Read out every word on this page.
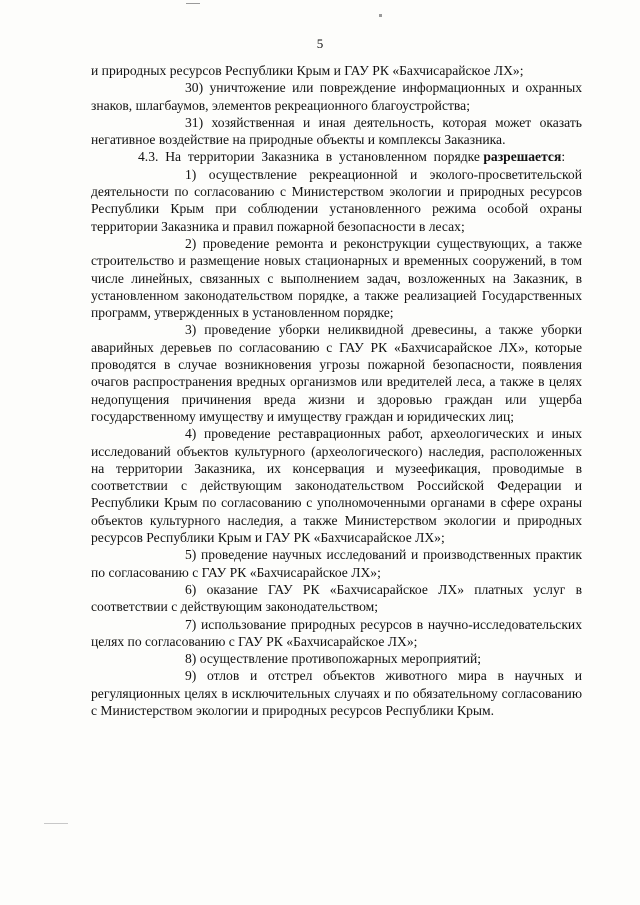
5

и природных ресурсов Республики Крым и ГАУ РК «Бахчисарайское ЛХ»;

30) уничтожение или повреждение информационных и охранных знаков, шлагбаумов, элементов рекреационного благоустройства;

31) хозяйственная и иная деятельность, которая может оказать негативное воздействие на природные объекты и комплексы Заказника.

4.3.  На  территории  Заказника  в  установленном  порядке разрешается:

1) осуществление рекреационной и эколого-просветительской деятельности по согласованию с Министерством экологии и природных ресурсов Республики Крым при соблюдении установленного режима особой охраны территории Заказника и правил пожарной безопасности в лесах;

2) проведение ремонта и реконструкции существующих, а также строительство и размещение новых стационарных и временных сооружений, в том числе линейных, связанных с выполнением задач, возложенных на Заказник, в установленном законодательством порядке, а также реализацией Государственных программ, утвержденных в установленном порядке;

3) проведение уборки неликвидной древесины, а также уборки аварийных деревьев по согласованию с ГАУ РК «Бахчисарайское ЛХ», которые проводятся в случае возникновения угрозы пожарной безопасности, появления очагов распространения вредных организмов или вредителей леса, а также в целях недопущения причинения вреда жизни и здоровью граждан или ущерба государственному имуществу и имуществу граждан и юридических лиц;

4) проведение реставрационных работ, археологических и иных исследований объектов культурного (археологического) наследия, расположенных на территории Заказника, их консервация и музеефикация, проводимые в соответствии с действующим законодательством Российской Федерации и Республики Крым по согласованию с уполномоченными органами в сфере охраны объектов культурного наследия, а также Министерством экологии и природных ресурсов Республики Крым и ГАУ РК «Бахчисарайское ЛХ»;

5) проведение научных исследований и производственных практик по согласованию с ГАУ РК «Бахчисарайское ЛХ»;

6) оказание ГАУ РК «Бахчисарайское ЛХ» платных услуг в соответствии с действующим законодательством;

7) использование природных ресурсов в научно-исследовательских целях по согласованию с ГАУ РК «Бахчисарайское ЛХ»;

8) осуществление противопожарных мероприятий;

9) отлов и отстрел объектов животного мира в научных и регуляционных целях в исключительных случаях и по обязательному согласованию с Министерством экологии и природных ресурсов Республики Крым.
